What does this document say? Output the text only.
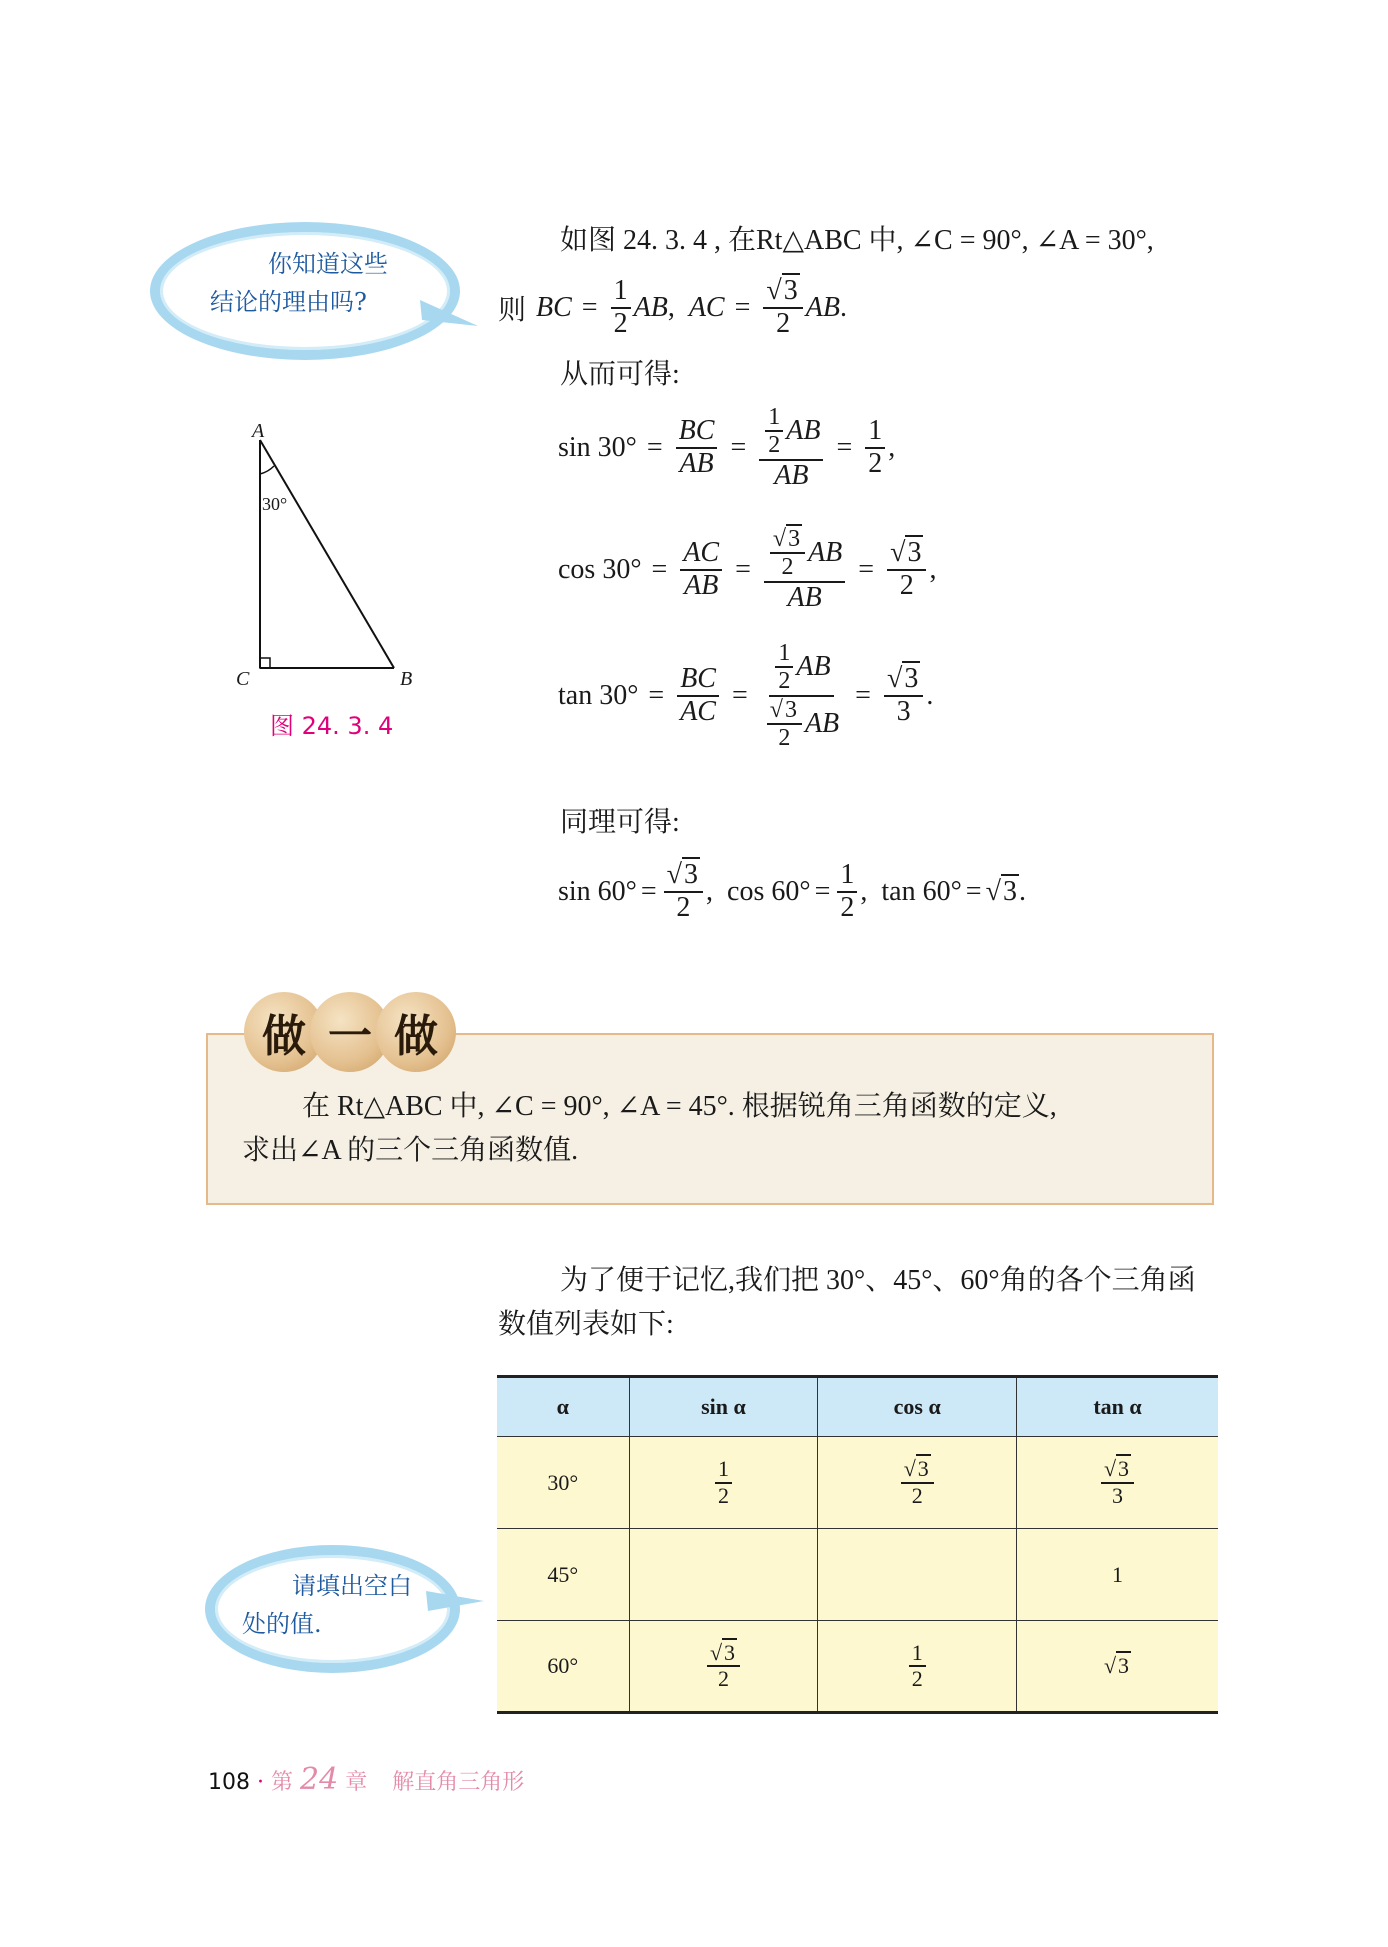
你知道这些
结论的理由吗?
A
B
C
30°
图 24. 3. 4
如图 24. 3. 4 , 在Rt△ABC 中, ∠C = 90°, ∠A = 30°,
则 BC = $\frac{1}{2}$ AB , AC = $\frac{√3}{2}$ AB .
从而可得:
$\sin 30^\circ = \frac{BC}{AB} = \frac{\frac{1}{2} AB}{AB} = \frac{1}{2}$ ,
$\cos 30^\circ = \frac{AC}{AB} = \frac{\frac{√3}{2} AB}{AB} = \frac{√3}{2}$ ,
$\tan 30^\circ = \frac{BC}{AC} = \frac{\frac{1}{2} AB}{\frac{√3}{2} AB} = \frac{√3}{3}$ .
同理可得:
$\sin 60^\circ = \frac{√3}{2}$ , $\cos 60^\circ = \frac{1}{2}$ , tan 60° = √3 .
做 一 做
在 Rt△ABC 中, ∠C = 90°, ∠A = 45°. 根据锐角三角函数的定义,
求出∠A 的三个三角函数值.
为了便于记忆,我们把 30°、45°、60°角的各个三角函
数值列表如下:
α	sin α	cos α	tan α
30°	$\frac{1}{2}$	$\frac{√3}{2}$	$\frac{√3}{3}$

45°			1
60°	$\frac{√3}{2}$	$\frac{1}{2}$	√3
请填出空白
处的值.
108 · 第 24 章 解直角三角形
